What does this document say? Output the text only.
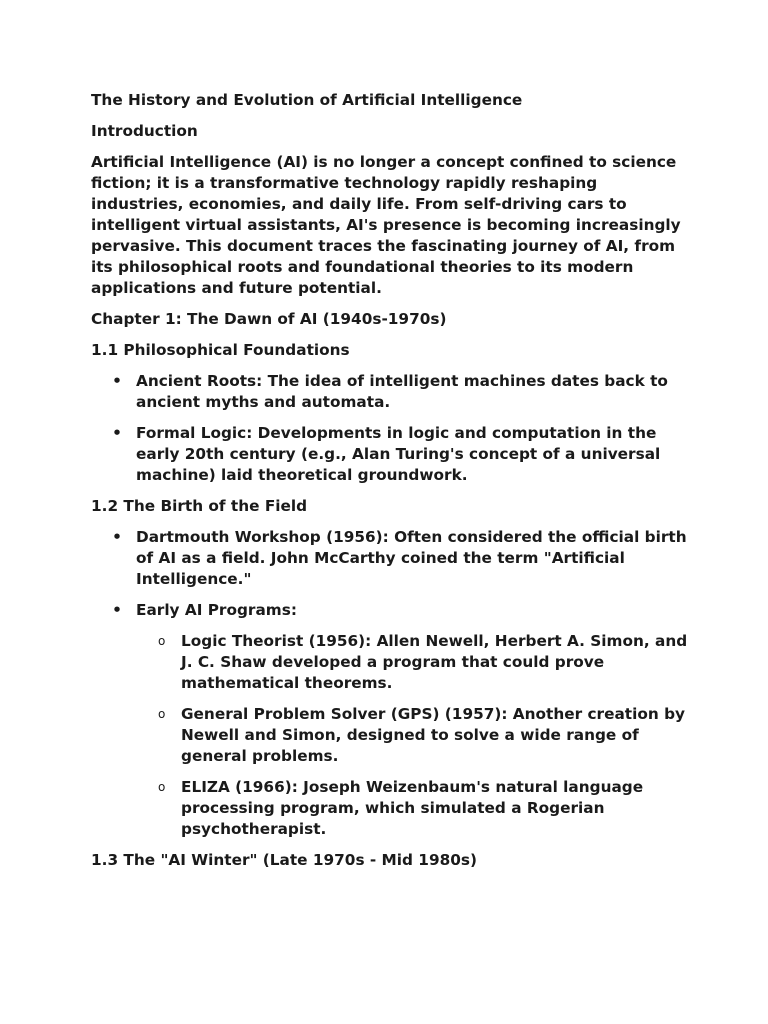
The History and Evolution of Artificial Intelligence

Introduction

Artificial Intelligence (AI) is no longer a concept confined to science fiction; it is a transformative technology rapidly reshaping industries, economies, and daily life. From self-driving cars to intelligent virtual assistants, AI's presence is becoming increasingly pervasive. This document traces the fascinating journey of AI, from its philosophical roots and foundational theories to its modern applications and future potential.

Chapter 1: The Dawn of AI (1940s-1970s)

1.1 Philosophical Foundations

• Ancient Roots: The idea of intelligent machines dates back to ancient myths and automata.
• Formal Logic: Developments in logic and computation in the early 20th century (e.g., Alan Turing's concept of a universal machine) laid theoretical groundwork.

1.2 The Birth of the Field

• Dartmouth Workshop (1956): Often considered the official birth of AI as a field. John McCarthy coined the term "Artificial Intelligence."
• Early AI Programs:
o Logic Theorist (1956): Allen Newell, Herbert A. Simon, and J. C. Shaw developed a program that could prove mathematical theorems.
o General Problem Solver (GPS) (1957): Another creation by Newell and Simon, designed to solve a wide range of general problems.
o ELIZA (1966): Joseph Weizenbaum's natural language processing program, which simulated a Rogerian psychotherapist.

1.3 The "AI Winter" (Late 1970s - Mid 1980s)
